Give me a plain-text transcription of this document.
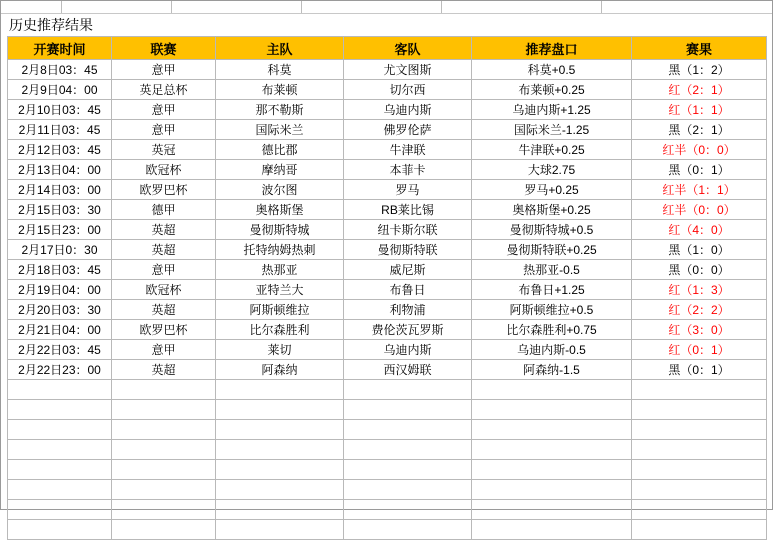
历史推荐结果
开赛时间	联赛	主队	客队	推荐盘口	赛果
2月8日03：45	意甲	科莫	尤文图斯	科莫+0.5	黑（1：2）
2月9日04：00	英足总杯	布莱顿	切尔西	布莱顿+0.25	红（2：1）
2月10日03：45	意甲	那不勒斯	乌迪内斯	乌迪内斯+1.25	红（1：1）
2月11日03：45	意甲	国际米兰	佛罗伦萨	国际米兰-1.25	黑（2：1）
2月12日03：45	英冠	德比郡	牛津联	牛津联+0.25	红半（0：0）
2月13日04：00	欧冠杯	摩纳哥	本菲卡	大球2.75	黑（0：1）
2月14日03：00	欧罗巴杯	波尔图	罗马	罗马+0.25	红半（1：1）
2月15日03：30	德甲	奥格斯堡	RB莱比锡	奥格斯堡+0.25	红半（0：0）
2月15日23：00	英超	曼彻斯特城	纽卡斯尔联	曼彻斯特城+0.5	红（4：0）
2月17日0：30	英超	托特纳姆热刺	曼彻斯特联	曼彻斯特联+0.25	黑（1：0）
2月18日03：45	意甲	热那亚	威尼斯	热那亚-0.5	黑（0：0）
2月19日04：00	欧冠杯	亚特兰大	布鲁日	布鲁日+1.25	红（1：3）
2月20日03：30	英超	阿斯顿维拉	利物浦	阿斯顿维拉+0.5	红（2：2）
2月21日04：00	欧罗巴杯	比尔森胜利	费伦茨瓦罗斯	比尔森胜利+0.75	红（3：0）
2月22日03：45	意甲	莱切	乌迪内斯	乌迪内斯-0.5	红（0：1）
2月22日23：00	英超	阿森纳	西汉姆联	阿森纳-1.5	黑（0：1）
